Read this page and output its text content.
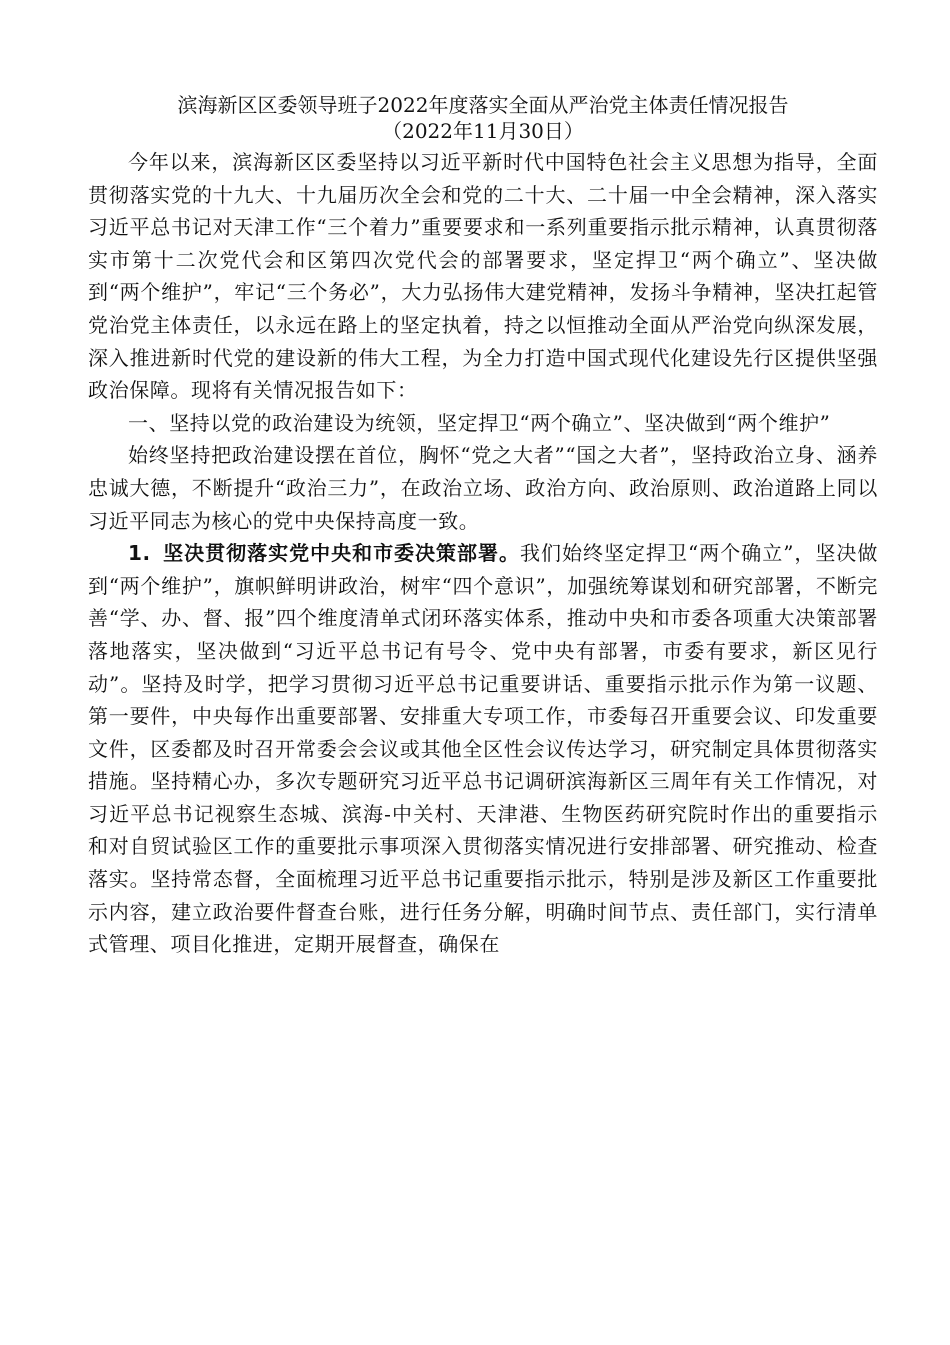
滨海新区区委领导班子2022年度落实全面从严治党主体责任情况报告
（2022年11月30日）

今年以来，滨海新区区委坚持以习近平新时代中国特色社会主义思想为指导，全面贯彻落实党的十九大、十九届历次全会和党的二十大、二十届一中全会精神，深入落实习近平总书记对天津工作“三个着力”重要要求和一系列重要指示批示精神，认真贯彻落实市第十二次党代会和区第四次党代会的部署要求，坚定捍卫“两个确立”、坚决做到“两个维护”，牢记“三个务必”，大力弘扬伟大建党精神，发扬斗争精神，坚决扛起管党治党主体责任，以永远在路上的坚定执着，持之以恒推动全面从严治党向纵深发展，深入推进新时代党的建设新的伟大工程，为全力打造中国式现代化建设先行区提供坚强政治保障。现将有关情况报告如下：

一、坚持以党的政治建设为统领，坚定捍卫“两个确立”、坚决做到“两个维护”

始终坚持把政治建设摆在首位，胸怀“党之大者”“国之大者”，坚持政治立身、涵养忠诚大德，不断提升“政治三力”，在政治立场、政治方向、政治原则、政治道路上同以习近平同志为核心的党中央保持高度一致。

1. 坚决贯彻落实党中央和市委决策部署。我们始终坚定捍卫“两个确立”，坚决做到“两个维护”，旗帜鲜明讲政治，树牢“四个意识”，加强统筹谋划和研究部署，不断完善“学、办、督、报”四个维度清单式闭环落实体系，推动中央和市委各项重大决策部署落地落实，坚决做到“习近平总书记有号令、党中央有部署，市委有要求，新区见行动”。坚持及时学，把学习贯彻习近平总书记重要讲话、重要指示批示作为第一议题、第一要件，中央每作出重要部署、安排重大专项工作，市委每召开重要会议、印发重要文件，区委都及时召开常委会会议或其他全区性会议传达学习，研究制定具体贯彻落实措施。坚持精心办，多次专题研究习近平总书记调研滨海新区三周年有关工作情况，对习近平总书记视察生态城、滨海-中关村、天津港、生物医药研究院时作出的重要指示和对自贸试验区工作的重要批示事项深入贯彻落实情况进行安排部署、研究推动、检查落实。坚持常态督，全面梳理习近平总书记重要指示批示，特别是涉及新区工作重要批示内容，建立政治要件督查台账，进行任务分解，明确时间节点、责任部门，实行清单式管理、项目化推进，定期开展督查，确保在
